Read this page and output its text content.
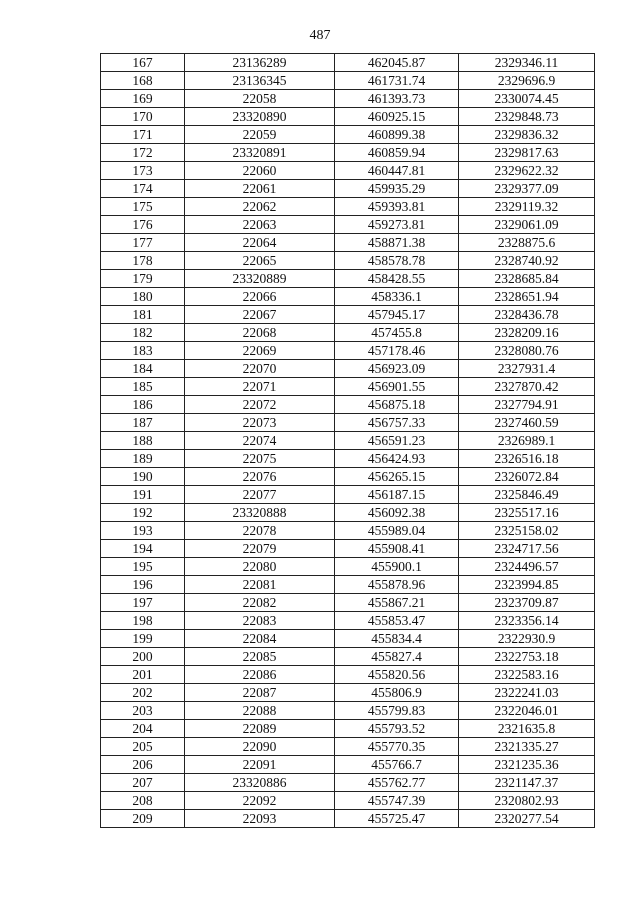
487
167	23136289	462045.87	2329346.11
168	23136345	461731.74	2329696.9
169	22058	461393.73	2330074.45
170	23320890	460925.15	2329848.73
171	22059	460899.38	2329836.32
172	23320891	460859.94	2329817.63
173	22060	460447.81	2329622.32
174	22061	459935.29	2329377.09
175	22062	459393.81	2329119.32
176	22063	459273.81	2329061.09
177	22064	458871.38	2328875.6
178	22065	458578.78	2328740.92
179	23320889	458428.55	2328685.84
180	22066	458336.1	2328651.94
181	22067	457945.17	2328436.78
182	22068	457455.8	2328209.16
183	22069	457178.46	2328080.76
184	22070	456923.09	2327931.4
185	22071	456901.55	2327870.42
186	22072	456875.18	2327794.91
187	22073	456757.33	2327460.59
188	22074	456591.23	2326989.1
189	22075	456424.93	2326516.18
190	22076	456265.15	2326072.84
191	22077	456187.15	2325846.49
192	23320888	456092.38	2325517.16
193	22078	455989.04	2325158.02
194	22079	455908.41	2324717.56
195	22080	455900.1	2324496.57
196	22081	455878.96	2323994.85
197	22082	455867.21	2323709.87
198	22083	455853.47	2323356.14
199	22084	455834.4	2322930.9
200	22085	455827.4	2322753.18
201	22086	455820.56	2322583.16
202	22087	455806.9	2322241.03
203	22088	455799.83	2322046.01
204	22089	455793.52	2321635.8
205	22090	455770.35	2321335.27
206	22091	455766.7	2321235.36
207	23320886	455762.77	2321147.37
208	22092	455747.39	2320802.93
209	22093	455725.47	2320277.54
